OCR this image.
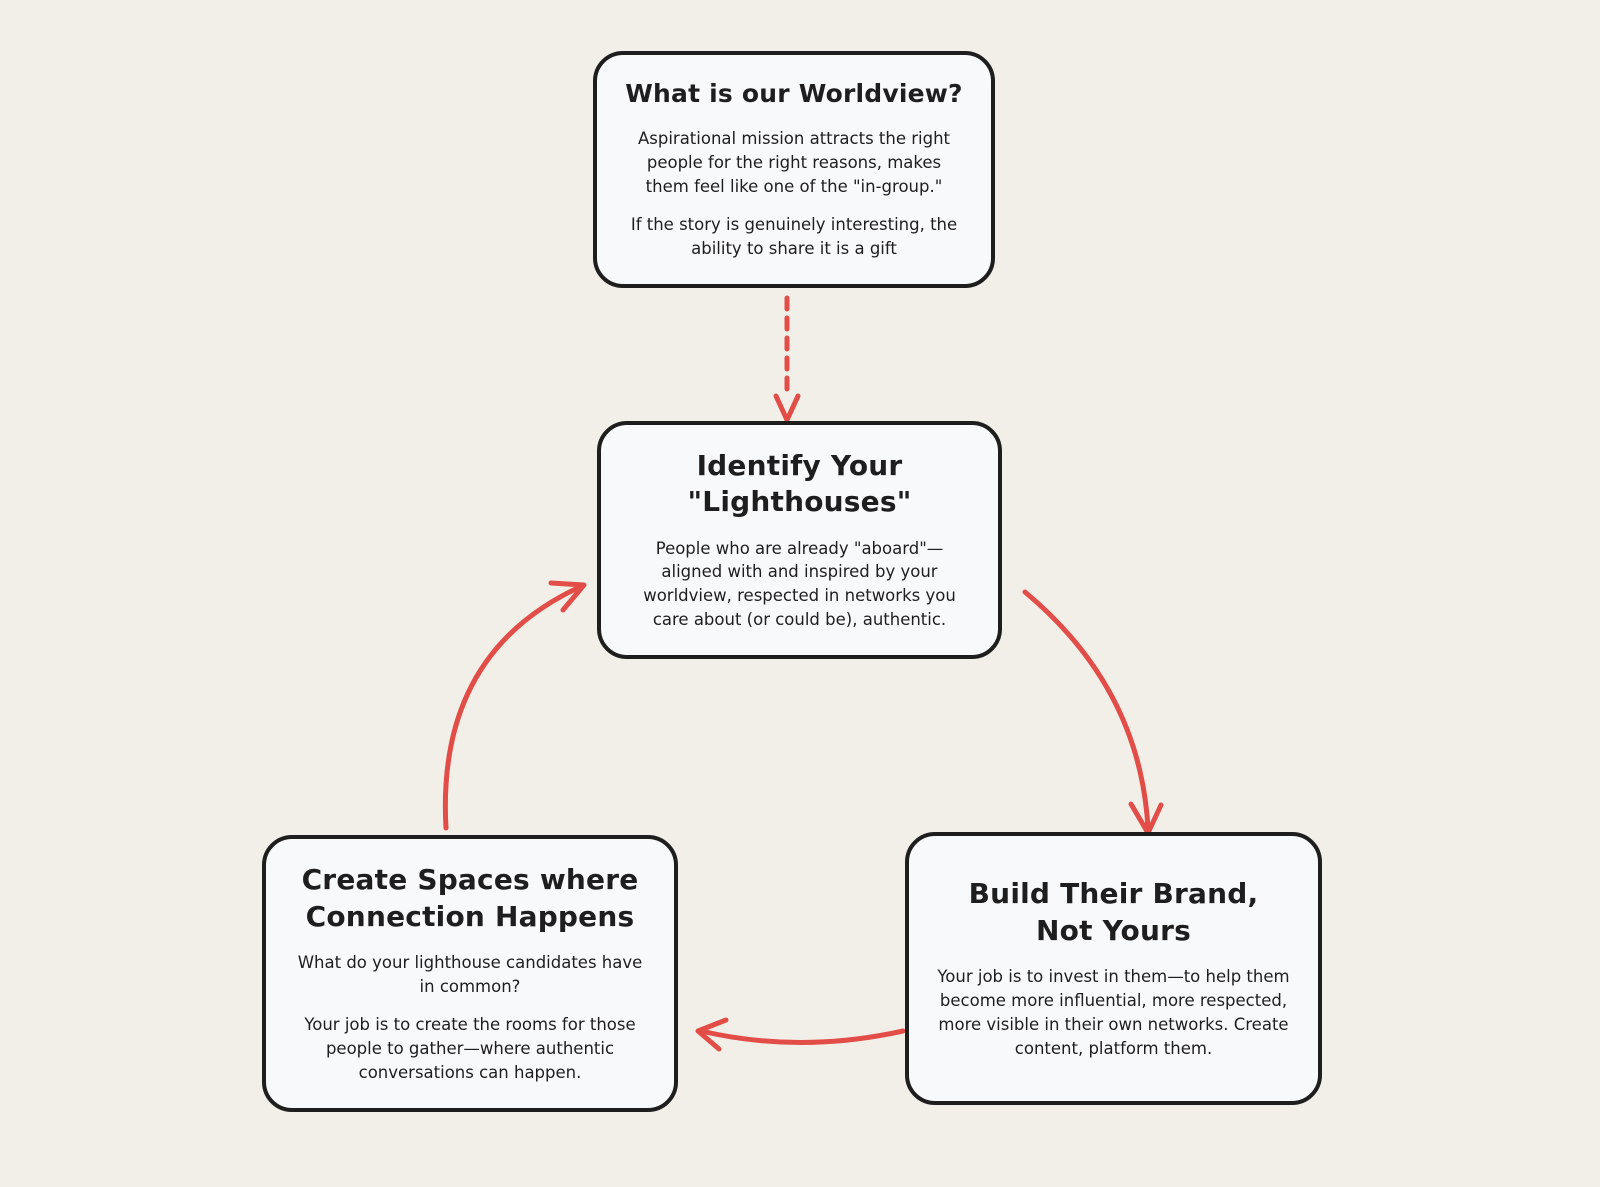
What is our Worldview?
Aspirational mission attracts the right people for the right reasons, makes them feel like one of the "in-group."
If the story is genuinely interesting, the ability to share it is a gift
Identify Your
"Lighthouses"
People who are already "aboard"—aligned with and inspired by your worldview, respected in networks you care about (or could be), authentic.
Build Their Brand,
Not Yours
Your job is to invest in them—to help them become more influential, more respected, more visible in their own networks. Create content, platform them.
Create Spaces where
Connection Happens
What do your lighthouse candidates have in common?
Your job is to create the rooms for those people to gather—where authentic conversations can happen.
